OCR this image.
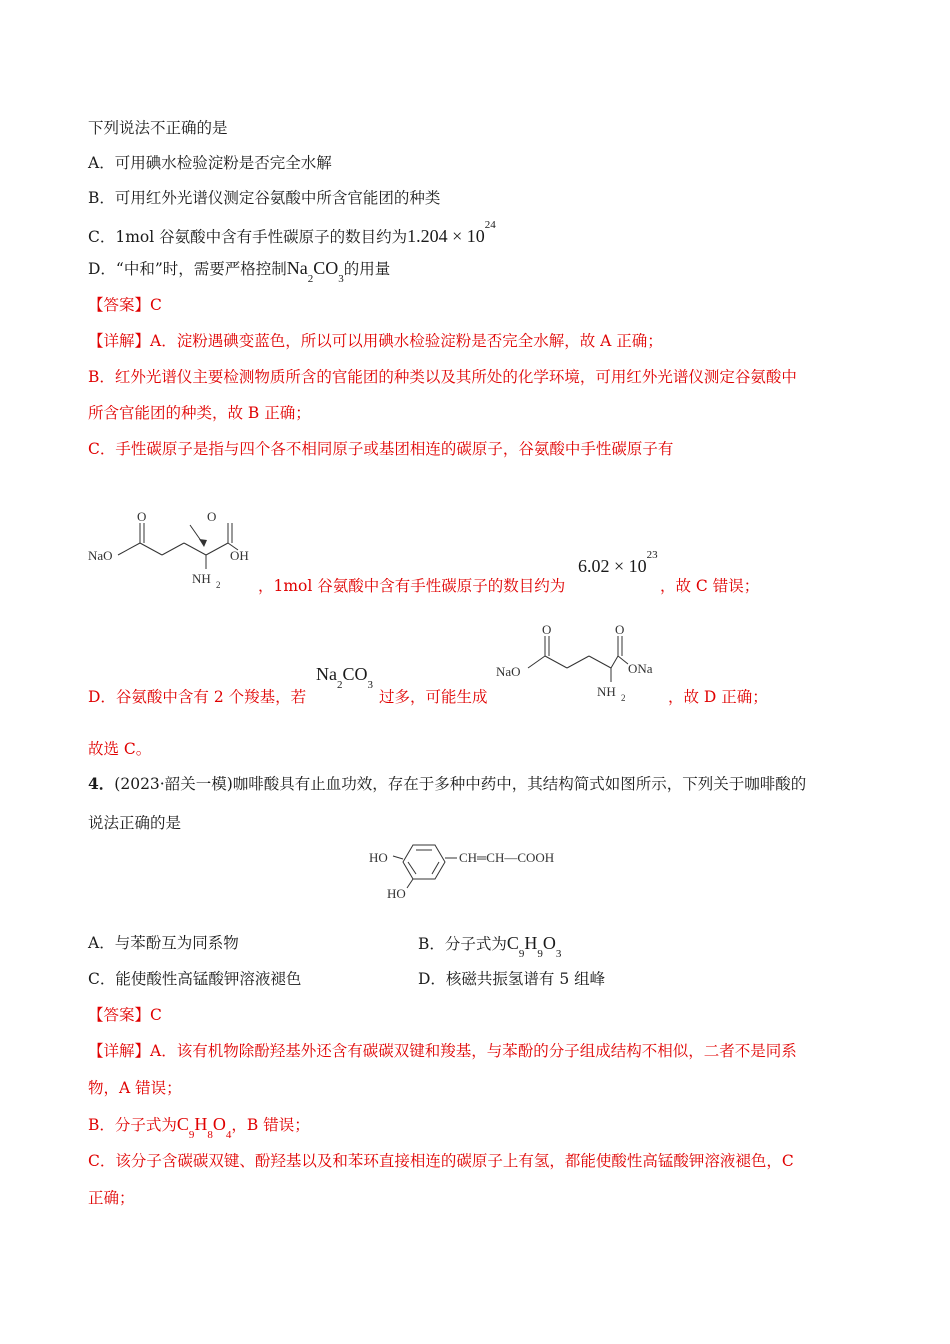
下列说法不正确的是
A．可用碘水检验淀粉是否完全水解
B．可用红外光谱仪测定谷氨酸中所含官能团的种类
C．1mol 谷氨酸中含有手性碳原子的数目约为$1.204 \times 10^{24}$
D．“中和”时，需要严格控制$Na_2CO_3$的用量
【答案】C
【详解】A．淀粉遇碘变蓝色，所以可以用碘水检验淀粉是否完全水解，故 A 正确；
B．红外光谱仪主要检测物质所含的官能团的种类以及其所处的化学环境，可用红外光谱仪测定谷氨酸中
所含官能团的种类，故 B 正确；
C．手性碳原子是指与四个各不相同原子或基团相连的碳原子，谷氨酸中手性碳原子有
O	O
NaO	OH
NH 2
$6.02 \times 10^{23}$
，1mol 谷氨酸中含有手性碳原子的数目约为	，故 C 错误；
$Na_2CO_3$
O	O
NaO	ONa
NH 2
D．谷氨酸中含有 2 个羧基，若	过多，可能生成	，故 D 正确；
故选 C。
4．(2023·韶关一模)咖啡酸具有止血功效，存在于多种中药中，其结构简式如图所示，下列关于咖啡酸的
说法正确的是
HO
HO
CH═CH—COOH
A．与苯酚互为同系物	B．分子式为$C_9H_9O_3$
C．能使酸性高锰酸钾溶液褪色	D．核磁共振氢谱有 5 组峰
【答案】C
【详解】A．该有机物除酚羟基外还含有碳碳双键和羧基，与苯酚的分子组成结构不相似，二者不是同系
物，A 错误；
B．分子式为$C_9H_8O_4$，B 错误；
C．该分子含碳碳双键、酚羟基以及和苯环直接相连的碳原子上有氢，都能使酸性高锰酸钾溶液褪色，C
正确；
